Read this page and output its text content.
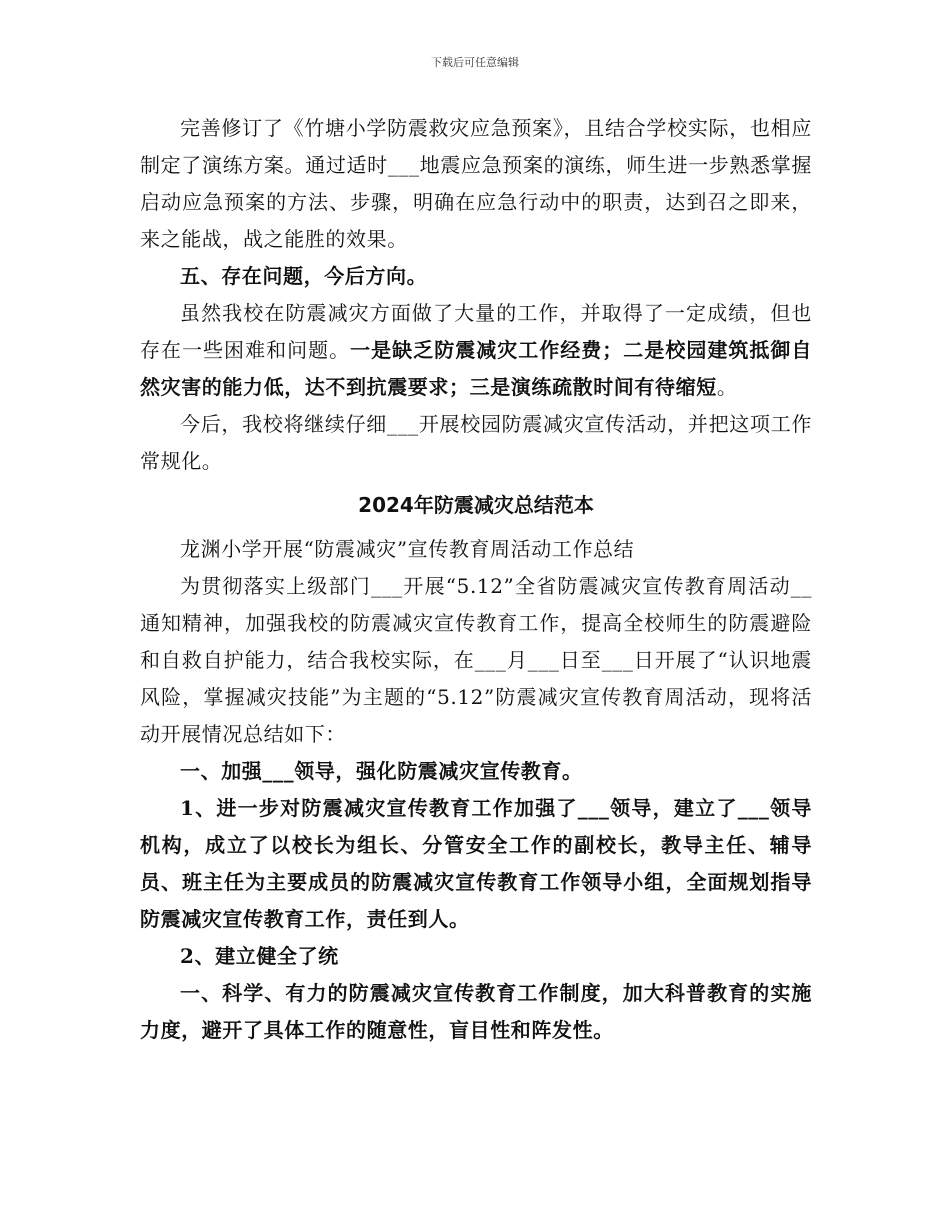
下载后可任意编辑

完善修订了《竹塘小学防震救灾应急预案》，且结合学校实际，也相应制定了演练方案。通过适时___地震应急预案的演练，师生进一步熟悉掌握启动应急预案的方法、步骤，明确在应急行动中的职责，达到召之即来，来之能战，战之能胜的效果。

五、存在问题，今后方向。

虽然我校在防震减灾方面做了大量的工作，并取得了一定成绩，但也存在一些困难和问题。一是缺乏防震减灾工作经费；二是校园建筑抵御自然灾害的能力低，达不到抗震要求；三是演练疏散时间有待缩短。

今后，我校将继续仔细___开展校园防震减灾宣传活动，并把这项工作常规化。

2024年防震减灾总结范本

龙渊小学开展“防震减灾”宣传教育周活动工作总结

为贯彻落实上级部门___开展“5.12”全省防震减灾宣传教育周活动__通知精神，加强我校的防震减灾宣传教育工作，提高全校师生的防震避险和自救自护能力，结合我校实际，在___月___日至___日开展了“认识地震风险，掌握减灾技能”为主题的“5.12”防震减灾宣传教育周活动，现将活动开展情况总结如下：

一、加强___领导，强化防震减灾宣传教育。

1、进一步对防震减灾宣传教育工作加强了___领导，建立了___领导机构，成立了以校长为组长、分管安全工作的副校长，教导主任、辅导员、班主任为主要成员的防震减灾宣传教育工作领导小组，全面规划指导防震减灾宣传教育工作，责任到人。

2、建立健全了统

一、科学、有力的防震减灾宣传教育工作制度，加大科普教育的实施力度，避开了具体工作的随意性，盲目性和阵发性。
